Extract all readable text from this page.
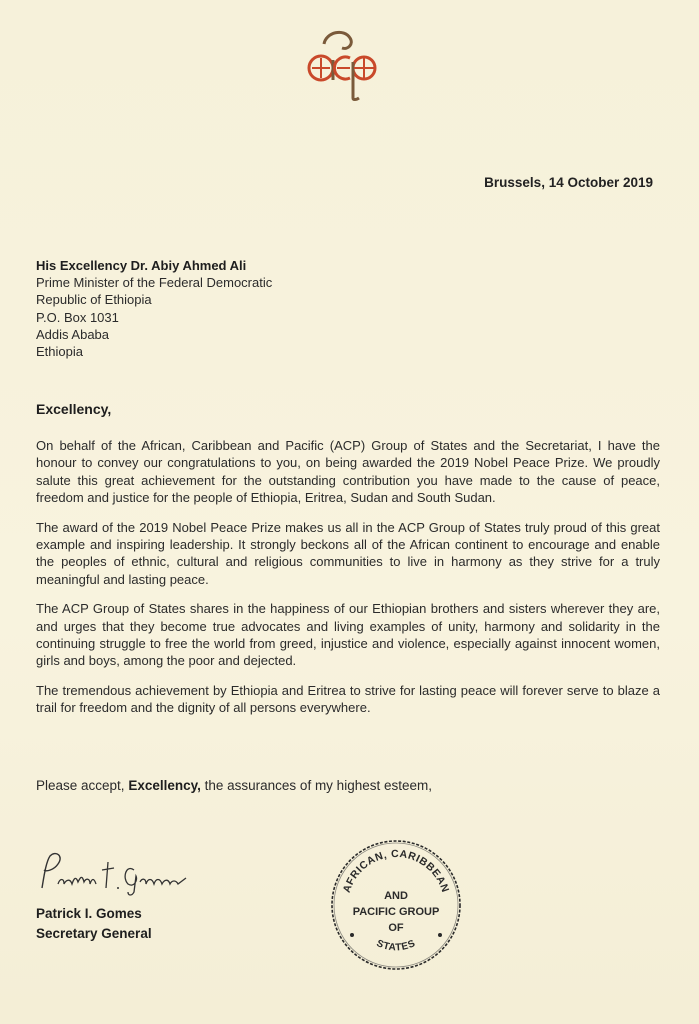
Brussels, 14 October 2019
His Excellency Dr. Abiy Ahmed Ali
Prime Minister of the Federal Democratic
Republic of Ethiopia
P.O. Box 1031
Addis Ababa
Ethiopia
Excellency,

On behalf of the African, Caribbean and Pacific (ACP) Group of States and the Secretariat, I have the honour to convey our congratulations to you, on being awarded the 2019 Nobel Peace Prize. We proudly salute this great achievement for the outstanding contribution you have made to the cause of peace, freedom and justice for the people of Ethiopia, Eritrea, Sudan and South Sudan.

The award of the 2019 Nobel Peace Prize makes us all in the ACP Group of States truly proud of this great example and inspiring leadership. It strongly beckons all of the African continent to encourage and enable the peoples of ethnic, cultural and religious communities to live in harmony as they strive for a truly meaningful and lasting peace.

The ACP Group of States shares in the happiness of our Ethiopian brothers and sisters wherever they are, and urges that they become true advocates and living examples of unity, harmony and solidarity in the continuing struggle to free the world from greed, injustice and violence, especially against innocent women, girls and boys, among the poor and dejected.

The tremendous achievement by Ethiopia and Eritrea to strive for lasting peace will forever serve to blaze a trail for freedom and the dignity of all persons everywhere.

Please accept, Excellency, the assurances of my highest esteem,
Patrick I. Gomes
Secretary General
AFRICAN, CARIBBEAN
AND
PACIFIC GROUP
OF
STATES
